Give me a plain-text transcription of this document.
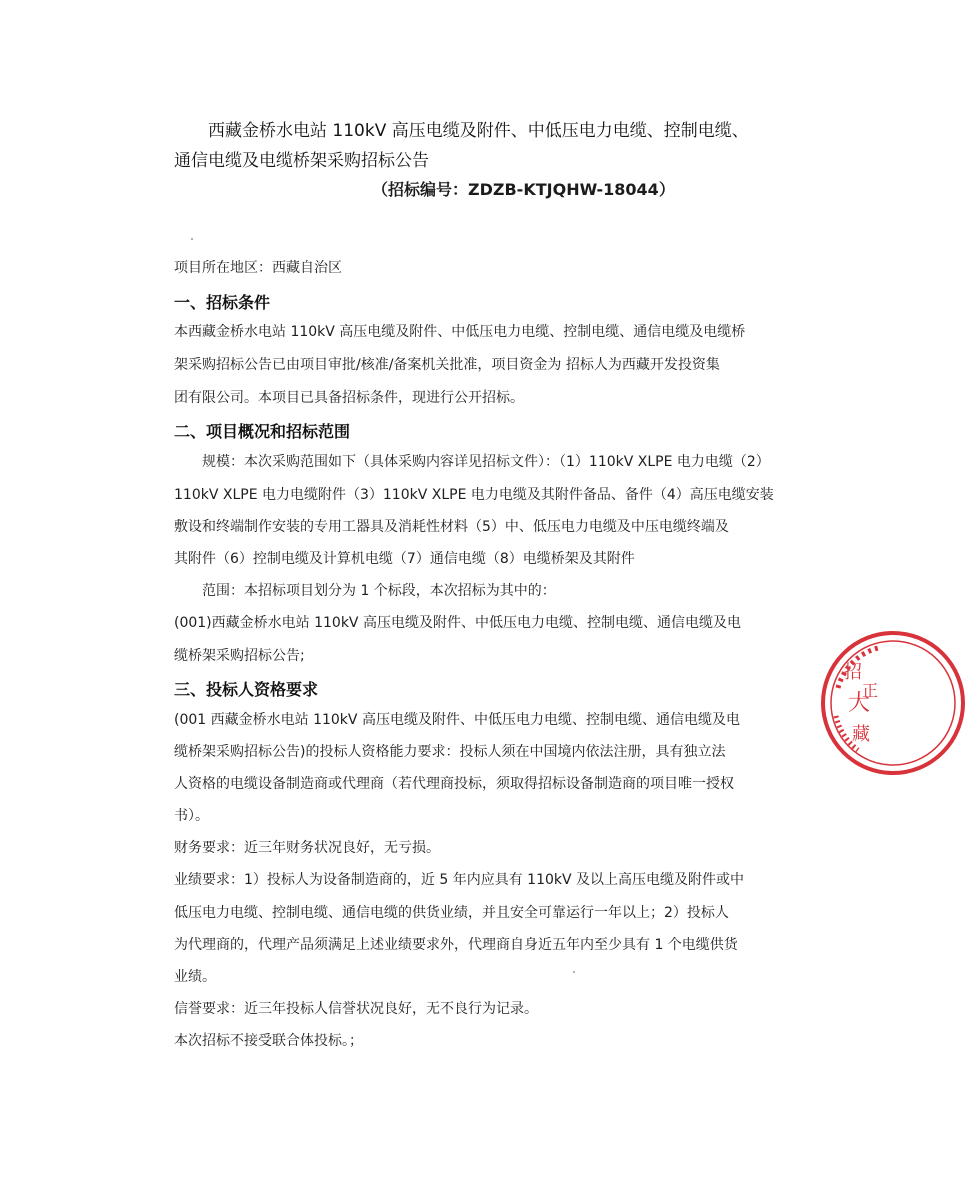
西藏金桥水电站 110kV 高压电缆及附件、中低压电力电缆、控制电缆、通信电缆及电缆桥架采购招标公告
（招标编号：ZDZB-KTJQHW-18044）
项目所在地区：西藏自治区
一、招标条件
本西藏金桥水电站 110kV 高压电缆及附件、中低压电力电缆、控制电缆、通信电缆及电缆桥
架采购招标公告已由项目审批/核准/备案机关批准，项目资金为 招标人为西藏开发投资集
团有限公司。本项目已具备招标条件，现进行公开招标。
二、项目概况和招标范围
规模：本次采购范围如下（具体采购内容详见招标文件）：（1）110kV XLPE 电力电缆（2）
110kV XLPE 电力电缆附件（3）110kV XLPE 电力电缆及其附件备品、备件（4）高压电缆安装
敷设和终端制作安装的专用工器具及消耗性材料（5）中、低压电力电缆及中压电缆终端及
其附件（6）控制电缆及计算机电缆（7）通信电缆（8）电缆桥架及其附件
范围：本招标项目划分为 1 个标段，本次招标为其中的：
(001)西藏金桥水电站 110kV 高压电缆及附件、中低压电力电缆、控制电缆、通信电缆及电
缆桥架采购招标公告;
三、投标人资格要求
(001 西藏金桥水电站 110kV 高压电缆及附件、中低压电力电缆、控制电缆、通信电缆及电
缆桥架采购招标公告)的投标人资格能力要求：投标人须在中国境内依法注册，具有独立法
人资格的电缆设备制造商或代理商（若代理商投标，须取得招标设备制造商的项目唯一授权
书）。
财务要求：近三年财务状况良好，无亏损。
业绩要求：1）投标人为设备制造商的，近 5 年内应具有 110kV 及以上高压电缆及附件或中
低压电力电缆、控制电缆、通信电缆的供货业绩，并且安全可靠运行一年以上；2）投标人
为代理商的，代理产品须满足上述业绩要求外，代理商自身近五年内至少具有 1 个电缆供货
业绩。
信誉要求：近三年投标人信誉状况良好，无不良行为记录。
本次招标不接受联合体投标。；
招
大
藏
正
